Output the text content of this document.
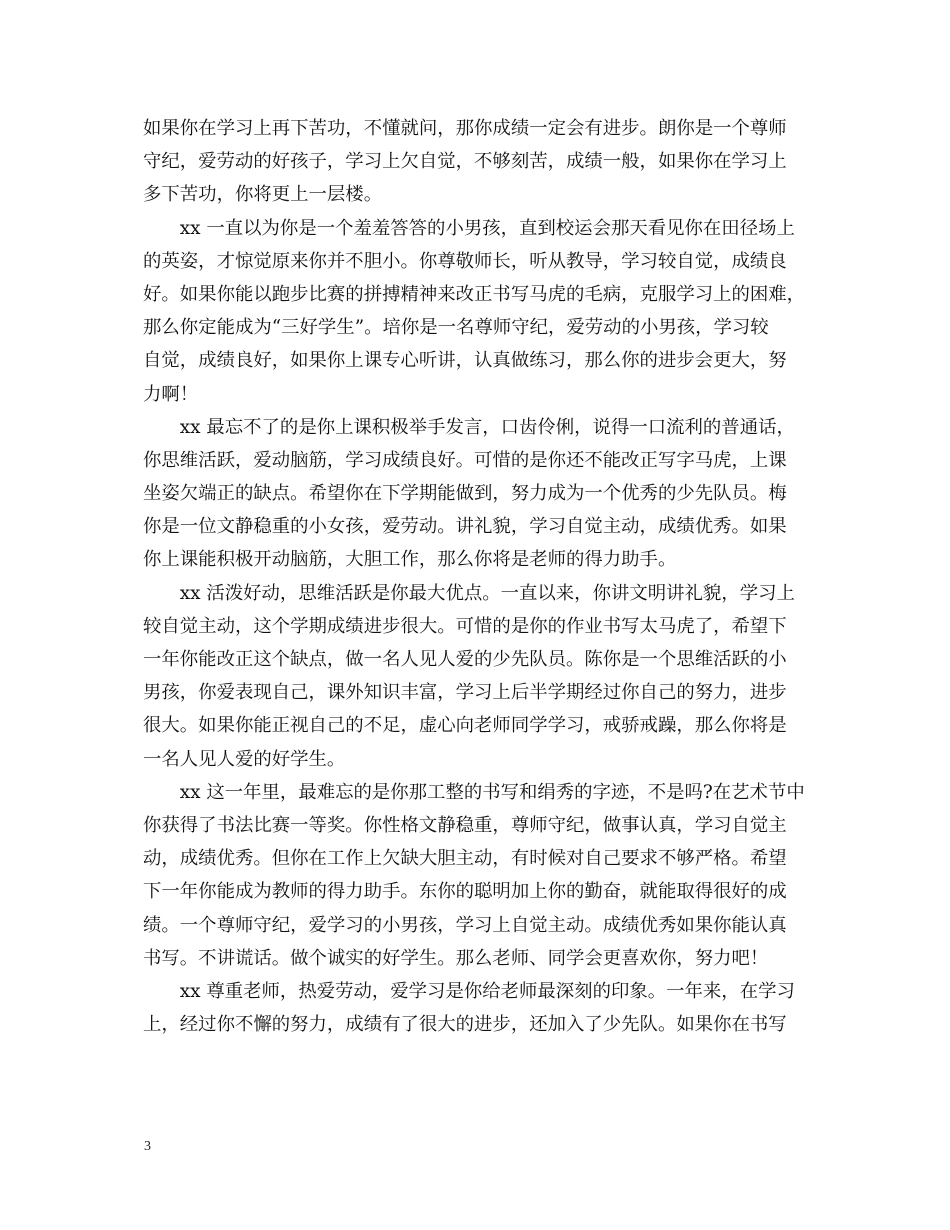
如果你在学习上再下苦功，不懂就问，那你成绩一定会有进步。朗你是一个尊师
守纪，爱劳动的好孩子，学习上欠自觉，不够刻苦，成绩一般，如果你在学习上
多下苦功，你将更上一层楼。

　　xx 一直以为你是一个羞羞答答的小男孩，直到校运会那天看见你在田径场上
的英姿，才惊觉原来你并不胆小。你尊敬师长，听从教导，学习较自觉，成绩良
好。如果你能以跑步比赛的拼搏精神来改正书写马虎的毛病，克服学习上的困难，
那么你定能成为“三好学生”。培你是一名尊师守纪，爱劳动的小男孩，学习较
自觉，成绩良好，如果你上课专心听讲，认真做练习，那么你的进步会更大，努
力啊！

　　xx 最忘不了的是你上课积极举手发言，口齿伶俐，说得一口流利的普通话，
你思维活跃，爱动脑筋，学习成绩良好。可惜的是你还不能改正写字马虎，上课
坐姿欠端正的缺点。希望你在下学期能做到，努力成为一个优秀的少先队员。梅
你是一位文静稳重的小女孩，爱劳动。讲礼貌，学习自觉主动，成绩优秀。如果
你上课能积极开动脑筋，大胆工作，那么你将是老师的得力助手。

　　xx 活泼好动，思维活跃是你最大优点。一直以来，你讲文明讲礼貌，学习上
较自觉主动，这个学期成绩进步很大。可惜的是你的作业书写太马虎了，希望下
一年你能改正这个缺点，做一名人见人爱的少先队员。陈你是一个思维活跃的小
男孩，你爱表现自己，课外知识丰富，学习上后半学期经过你自己的努力，进步
很大。如果你能正视自己的不足，虚心向老师同学学习，戒骄戒躁，那么你将是
一名人见人爱的好学生。

　　xx 这一年里，最难忘的是你那工整的书写和绢秀的字迹，不是吗?在艺术节中
你获得了书法比赛一等奖。你性格文静稳重，尊师守纪，做事认真，学习自觉主
动，成绩优秀。但你在工作上欠缺大胆主动，有时候对自己要求不够严格。希望
下一年你能成为教师的得力助手。东你的聪明加上你的勤奋，就能取得很好的成
绩。一个尊师守纪，爱学习的小男孩，学习上自觉主动。成绩优秀如果你能认真
书写。不讲谎话。做个诚实的好学生。那么老师、同学会更喜欢你，努力吧！

　　xx 尊重老师，热爱劳动，爱学习是你给老师最深刻的印象。一年来，在学习
上，经过你不懈的努力，成绩有了很大的进步，还加入了少先队。如果你在书写

3
